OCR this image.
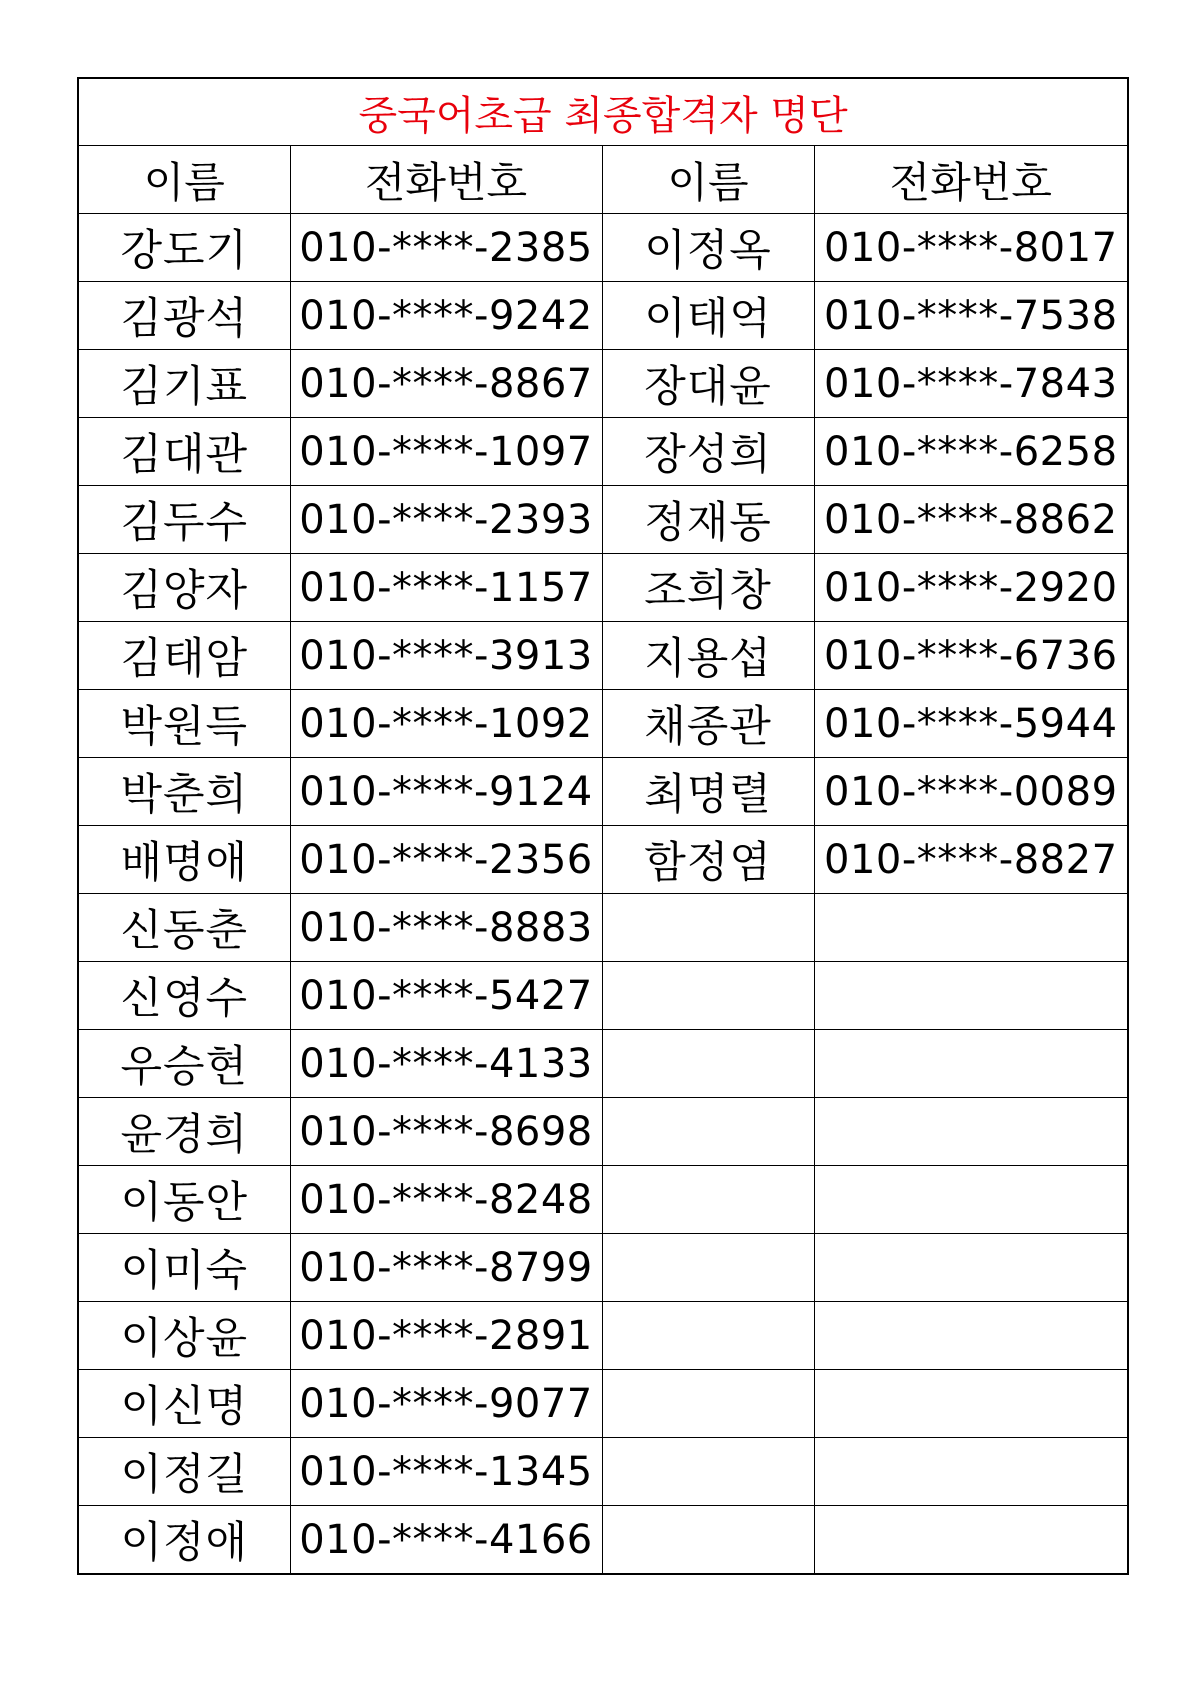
중국어초급 최종합격자 명단			
이름	전화번호	이름	전화번호
강도기	010-****-2385	이정옥	010-****-8017
김광석	010-****-9242	이태억	010-****-7538
김기표	010-****-8867	장대윤	010-****-7843
김대관	010-****-1097	장성희	010-****-6258
김두수	010-****-2393	정재동	010-****-8862
김양자	010-****-1157	조희창	010-****-2920
김태암	010-****-3913	지용섭	010-****-6736
박원득	010-****-1092	채종관	010-****-5944
박춘희	010-****-9124	최명렬	010-****-0089
배명애	010-****-2356	함정염	010-****-8827
신동춘	010-****-8883		
신영수	010-****-5427		
우승현	010-****-4133		
윤경희	010-****-8698		
이동안	010-****-8248		
이미숙	010-****-8799		
이상윤	010-****-2891		
이신명	010-****-9077		
이정길	010-****-1345		
이정애	010-****-4166		
